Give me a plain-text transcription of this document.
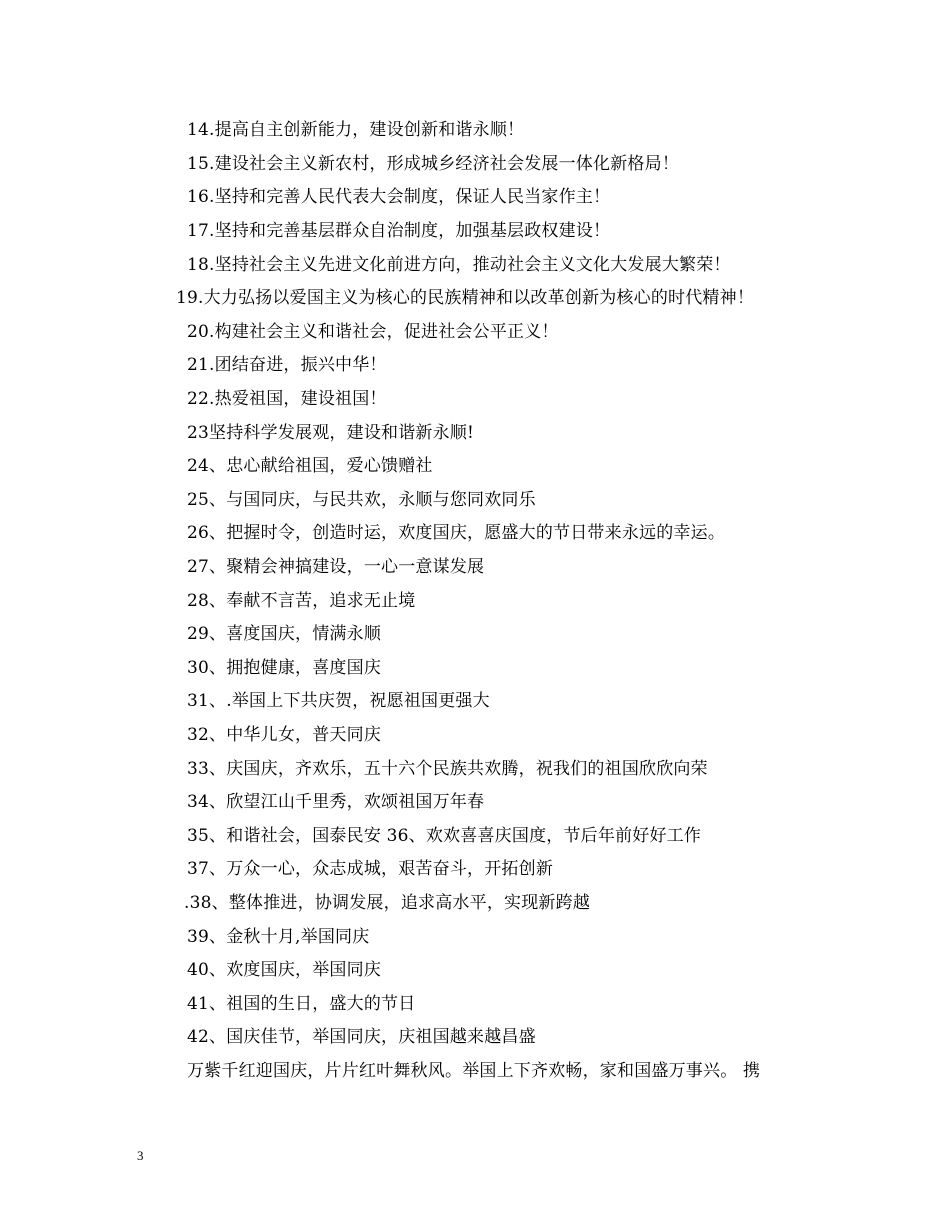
14.提高自主创新能力，建设创新和谐永顺！
15.建设社会主义新农村，形成城乡经济社会发展一体化新格局！
16.坚持和完善人民代表大会制度，保证人民当家作主！
17.坚持和完善基层群众自治制度，加强基层政权建设！
18.坚持社会主义先进文化前进方向，推动社会主义文化大发展大繁荣！
19.大力弘扬以爱国主义为核心的民族精神和以改革创新为核心的时代精神！
20.构建社会主义和谐社会，促进社会公平正义！
21.团结奋进，振兴中华！
22.热爱祖国，建设祖国！
23坚持科学发展观，建设和谐新永顺!
24、忠心献给祖国，爱心馈赠社
25、与国同庆，与民共欢，永顺与您同欢同乐
26、把握时令，创造时运，欢度国庆，愿盛大的节日带来永远的幸运。
27、聚精会神搞建设，一心一意谋发展
28、奉献不言苦，追求无止境
29、喜度国庆，情满永顺
30、拥抱健康，喜度国庆
31、.举国上下共庆贺，祝愿祖国更强大
32、中华儿女，普天同庆
33、庆国庆，齐欢乐，五十六个民族共欢腾，祝我们的祖国欣欣向荣
34、欣望江山千里秀，欢颂祖国万年春
35、和谐社会，国泰民安 36、欢欢喜喜庆国度，节后年前好好工作
37、万众一心，众志成城，艰苦奋斗，开拓创新
.38、整体推进，协调发展，追求高水平，实现新跨越
39、金秋十月,举国同庆
40、欢度国庆，举国同庆
41、祖国的生日，盛大的节日
42、国庆佳节，举国同庆，庆祖国越来越昌盛
万紫千红迎国庆，片片红叶舞秋风。举国上下齐欢畅，家和国盛万事兴。 携
3
